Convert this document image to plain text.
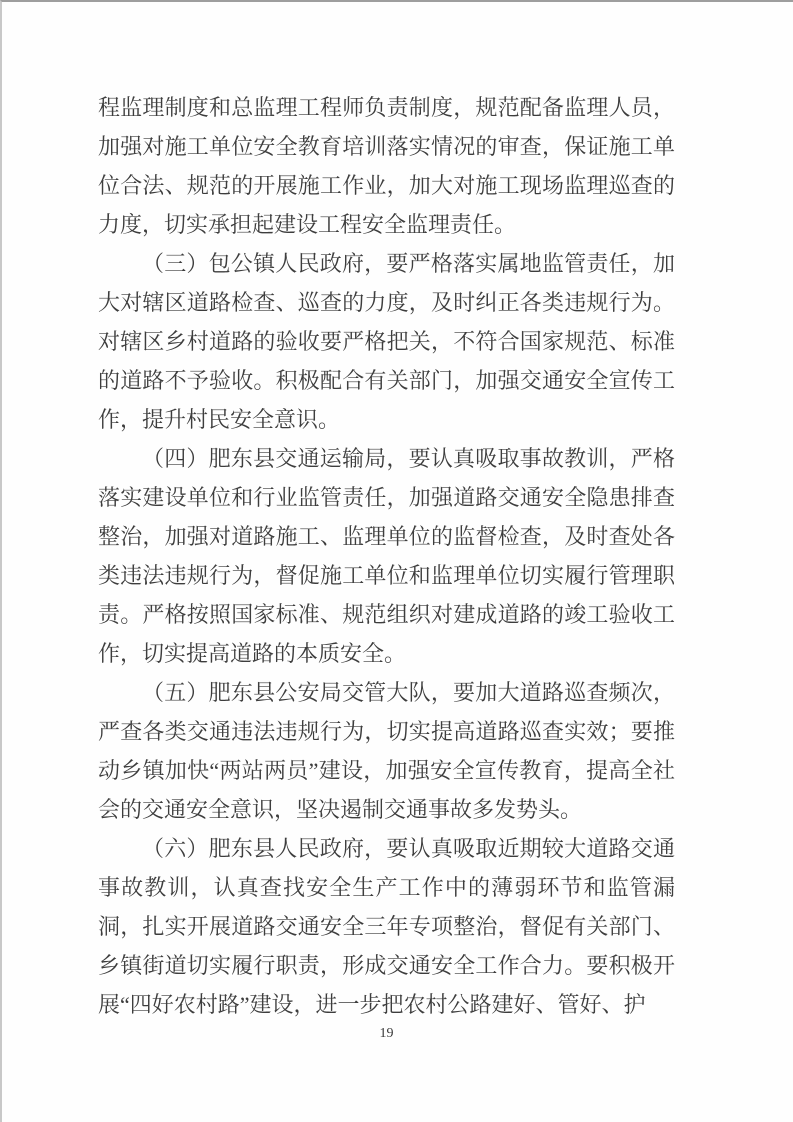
程监理制度和总监理工程师负责制度，规范配备监理人员，加强对施工单位安全教育培训落实情况的审查，保证施工单位合法、规范的开展施工作业，加大对施工现场监理巡查的力度，切实承担起建设工程安全监理责任。

（三）包公镇人民政府，要严格落实属地监管责任，加大对辖区道路检查、巡查的力度，及时纠正各类违规行为。对辖区乡村道路的验收要严格把关，不符合国家规范、标准的道路不予验收。积极配合有关部门，加强交通安全宣传工作，提升村民安全意识。

（四）肥东县交通运输局，要认真吸取事故教训，严格落实建设单位和行业监管责任，加强道路交通安全隐患排查整治，加强对道路施工、监理单位的监督检查，及时查处各类违法违规行为，督促施工单位和监理单位切实履行管理职责。严格按照国家标准、规范组织对建成道路的竣工验收工作，切实提高道路的本质安全。

（五）肥东县公安局交管大队，要加大道路巡查频次，严查各类交通违法违规行为，切实提高道路巡查实效；要推动乡镇加快“两站两员”建设，加强安全宣传教育，提高全社会的交通安全意识，坚决遏制交通事故多发势头。

（六）肥东县人民政府，要认真吸取近期较大道路交通事故教训，认真查找安全生产工作中的薄弱环节和监管漏洞，扎实开展道路交通安全三年专项整治，督促有关部门、乡镇街道切实履行职责，形成交通安全工作合力。要积极开展“四好农村路”建设，进一步把农村公路建好、管好、护

19
